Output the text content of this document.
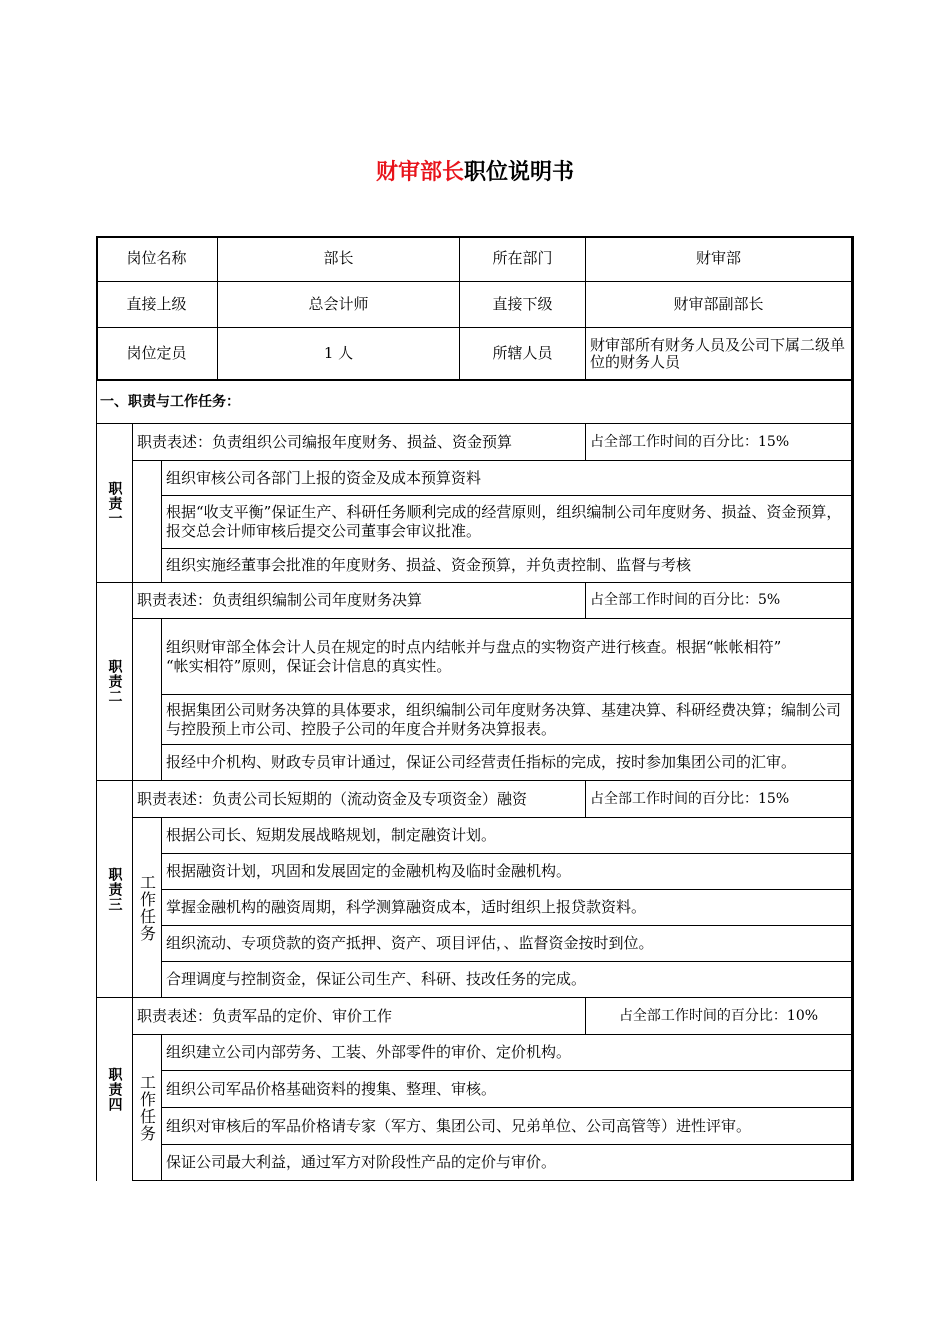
财审部长职位说明书
岗位名称	部长	所在部门	财审部
直接上级	总会计师	直接下级	财审部副部长
岗位定员	1 人	所辖人员	财审部所有财务人员及公司下属二级单位的财务人员
一、职责与工作任务：
职责一
职责表述：负责组织公司编报年度财务、损益、资金预算	占全部工作时间的百分比：15%
组织审核公司各部门上报的资金及成本预算资料
根据“收支平衡”保证生产、科研任务顺利完成的经营原则，组织编制公司年度财务、损益、资金预算，报交总会计师审核后提交公司董事会审议批准。
组织实施经董事会批准的年度财务、损益、资金预算，并负责控制、监督与考核
职责二
职责表述：负责组织编制公司年度财务决算	占全部工作时间的百分比：5%
组织财审部全体会计人员在规定的时点内结帐并与盘点的实物资产进行核查。根据“帐帐相符”
“帐实相符”原则，保证会计信息的真实性。
根据集团公司财务决算的具体要求，组织编制公司年度财务决算、基建决算、科研经费决算；编制公司与控股预上市公司、控股子公司的年度合并财务决算报表。
报经中介机构、财政专员审计通过，保证公司经营责任指标的完成，按时参加集团公司的汇审。
职责三
职责表述：负责公司长短期的（流动资金及专项资金）融资	占全部工作时间的百分比：15%
工作任务
根据公司长、短期发展战略规划，制定融资计划。
根据融资计划，巩固和发展固定的金融机构及临时金融机构。
掌握金融机构的融资周期，科学测算融资成本，适时组织上报贷款资料。
组织流动、专项贷款的资产抵押、资产、项目评估，、监督资金按时到位。
合理调度与控制资金，保证公司生产、科研、技改任务的完成。
职责四
职责表述：负责军品的定价、审价工作	占全部工作时间的百分比：10%
工作任务
组织建立公司内部劳务、工装、外部零件的审价、定价机构。
组织公司军品价格基础资料的搜集、整理、审核。
组织对审核后的军品价格请专家（军方、集团公司、兄弟单位、公司高管等）进性评审。
保证公司最大利益，通过军方对阶段性产品的定价与审价。
